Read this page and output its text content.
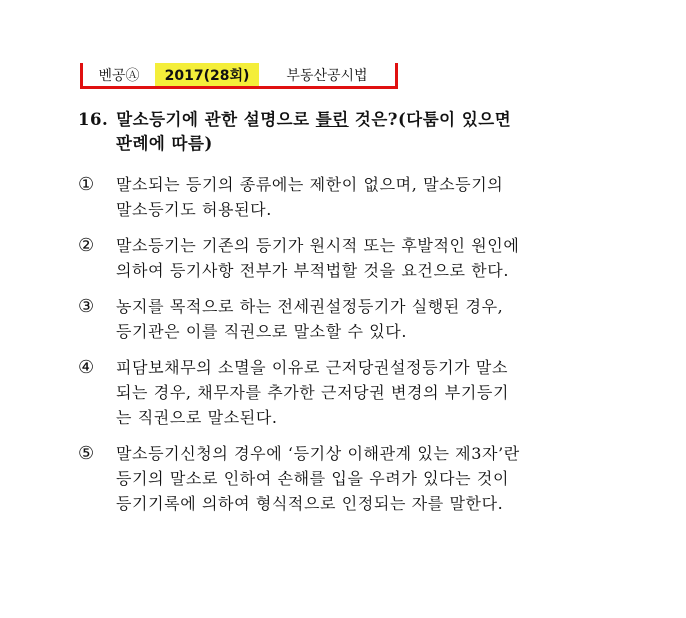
벤공Ⓐ	2017(28회)	부동산공시법
16. 말소등기에 관한 설명으로 틀린 것은?(다툼이 있으면
판례에 따름)
①	말소되는 등기의 종류에는 제한이 없으며, 말소등기의
말소등기도 허용된다.
②	말소등기는 기존의 등기가 원시적 또는 후발적인 원인에
의하여 등기사항 전부가 부적법할 것을 요건으로 한다.
③	농지를 목적으로 하는 전세권설정등기가 실행된 경우,
등기관은 이를 직권으로 말소할 수 있다.
④	피담보채무의 소멸을 이유로 근저당권설정등기가 말소
되는 경우, 채무자를 추가한 근저당권 변경의 부기등기
는 직권으로 말소된다.
⑤	말소등기신청의 경우에 ‘등기상 이해관계 있는 제3자’란
등기의 말소로 인하여 손해를 입을 우려가 있다는 것이
등기기록에 의하여 형식적으로 인정되는 자를 말한다.
